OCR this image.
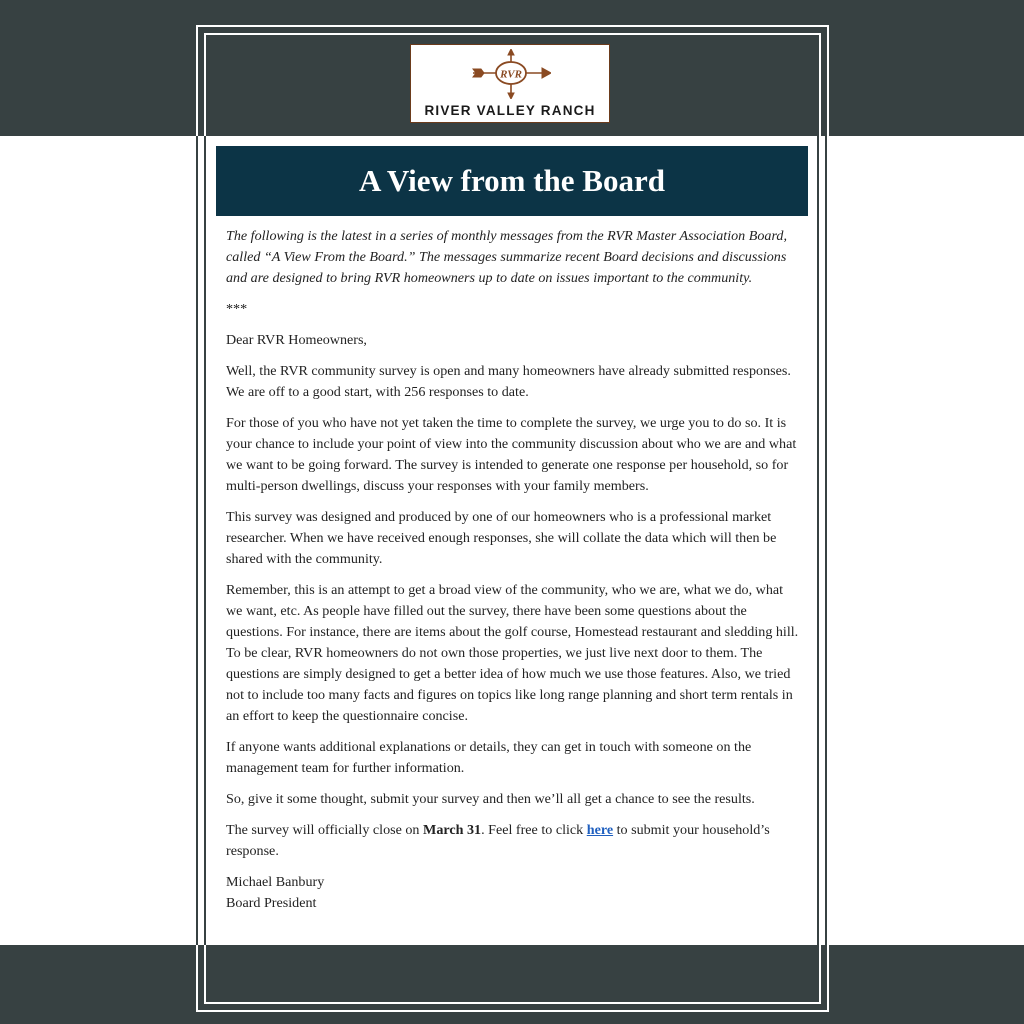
RVR
RIVER VALLEY RANCH
A View from the Board

The following is the latest in a series of monthly messages from the RVR Master Association Board, called “A View From the Board.” The messages summarize recent Board decisions and discussions and are designed to bring RVR homeowners up to date on issues important to the community.

***

Dear RVR Homeowners,

Well, the RVR community survey is open and many homeowners have already submitted responses. We are off to a good start, with 256 responses to date.

For those of you who have not yet taken the time to complete the survey, we urge you to do so. It is your chance to include your point of view into the community discussion about who we are and what we want to be going forward. The survey is intended to generate one response per household, so for multi-person dwellings, discuss your responses with your family members.

This survey was designed and produced by one of our homeowners who is a professional market researcher. When we have received enough responses, she will collate the data which will then be shared with the community.

Remember, this is an attempt to get a broad view of the community, who we are, what we do, what we want, etc. As people have filled out the survey, there have been some questions about the questions. For instance, there are items about the golf course, Homestead restaurant and sledding hill. To be clear, RVR homeowners do not own those properties, we just live next door to them. The questions are simply designed to get a better idea of how much we use those features. Also, we tried not to include too many facts and figures on topics like long range planning and short term rentals in an effort to keep the questionnaire concise.

If anyone wants additional explanations or details, they can get in touch with someone on the management team for further information.

So, give it some thought, submit your survey and then we’ll all get a chance to see the results.

The survey will officially close on March 31. Feel free to click here to submit your household’s response.

Michael Banbury
Board President
